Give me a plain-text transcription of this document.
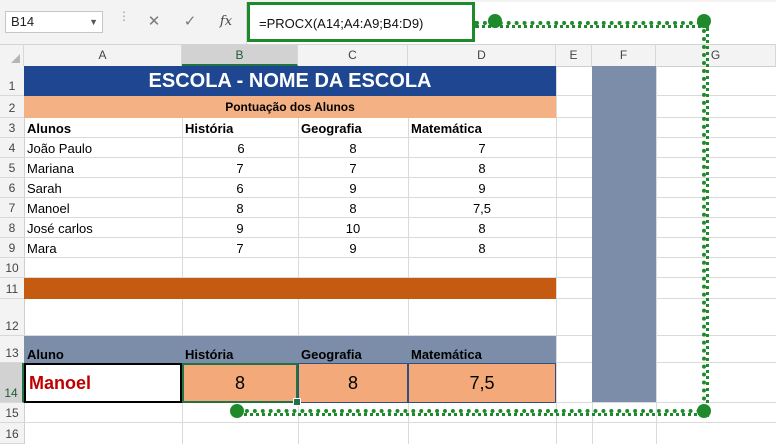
B14	▼ ⋮	✕	✓	fx	=PROCX(A14;A4:A9;B4:D9)
A	B	C	D	E	F	G
1
2
3
4
5
6
7
8
9
10
11
12
13
14
15
16
ESCOLA - NOME DA ESCOLA
Pontuação dos Alunos
Alunos	História	Geografia	Matemática
João Paulo	6	8	7
Mariana	7	7	8
Sarah	6	9	9
Manoel	8	8	7,5
José carlos	9	10	8
Mara	7	9	8
Aluno	História	Geografia	Matemática
Manoel	8	8	7,5
